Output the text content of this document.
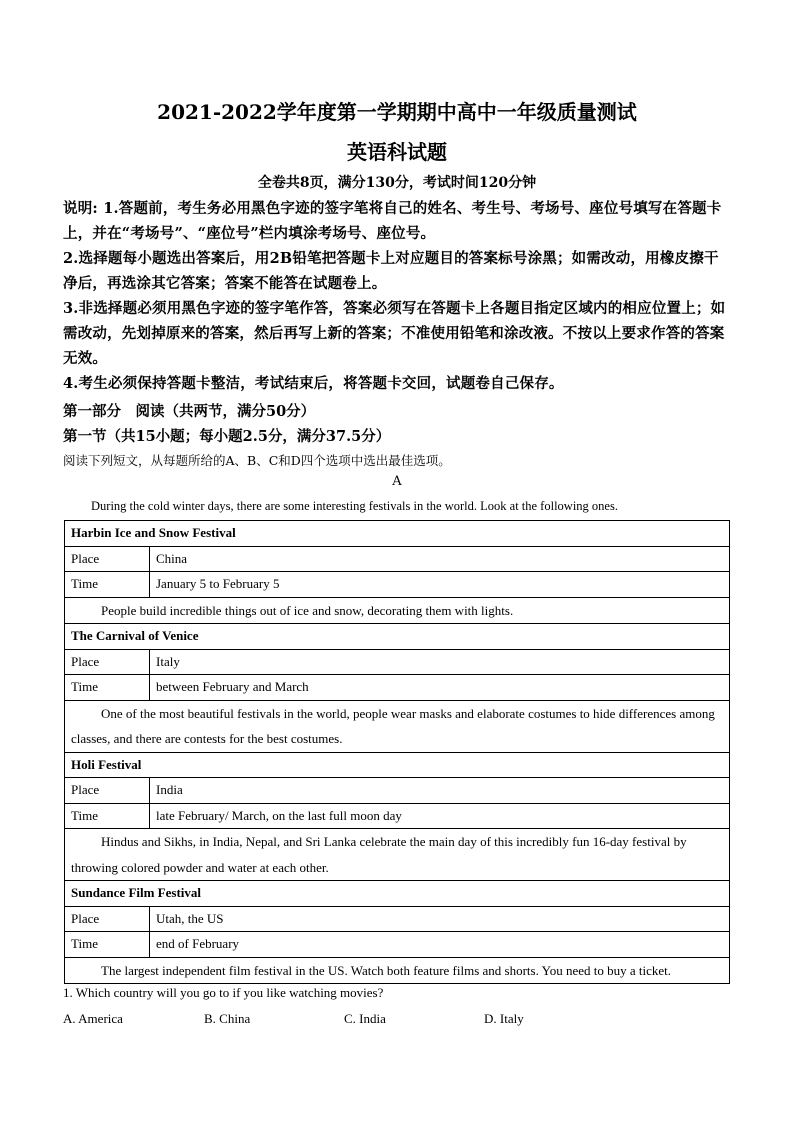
2021-2022学年度第一学期期中高中一年级质量测试
英语科试题
全卷共8页，满分130分，考试时间120分钟
说明: 1.答题前，考生务必用黑色字迹的签字笔将自己的姓名、考生号、考场号、座位号填写在答题卡上，并在“考场号”、“座位号”栏内填涂考场号、座位号。
2.选择题每小题选出答案后，用2B铅笔把答题卡上对应题目的答案标号涂黑；如需改动，用橡皮擦干净后，再选涂其它答案；答案不能答在试题卷上。
3.非选择题必须用黑色字迹的签字笔作答，答案必须写在答题卡上各题目指定区域内的相应位置上；如需改动，先划掉原来的答案，然后再写上新的答案；不准使用铅笔和涂改液。不按以上要求作答的答案无效。
4.考生必须保持答题卡整洁，考试结束后，将答题卡交回，试题卷自己保存。
第一部分　阅读（共两节，满分50分）
第一节（共15小题；每小题2.5分，满分37.5分）
阅读下列短文，从每题所给的A、B、C和D四个选项中选出最佳选项。
A
During the cold winter days, there are some interesting festivals in the world. Look at the following ones.
Harbin Ice and Snow Festival	
Place	China
Time	January 5 to February 5
People build incredible things out of ice and snow, decorating them with lights.	
The Carnival of Venice	
Place	Italy
Time	between February and March
One of the most beautiful festivals in the world, people wear masks and elaborate costumes to hide differences among classes, and there are contests for the best costumes.	
Holi Festival	
Place	India
Time	late February/ March, on the last full moon day
Hindus and Sikhs, in India, Nepal, and Sri Lanka celebrate the main day of this incredibly fun 16-day festival by throwing colored powder and water at each other.	
Sundance Film Festival	
Place	Utah, the US
Time	end of February
The largest independent film festival in the US. Watch both feature films and shorts. You need to buy a ticket.	
1. Which country will you go to if you like watching movies?
A. America	B. China	C. India	D. Italy
